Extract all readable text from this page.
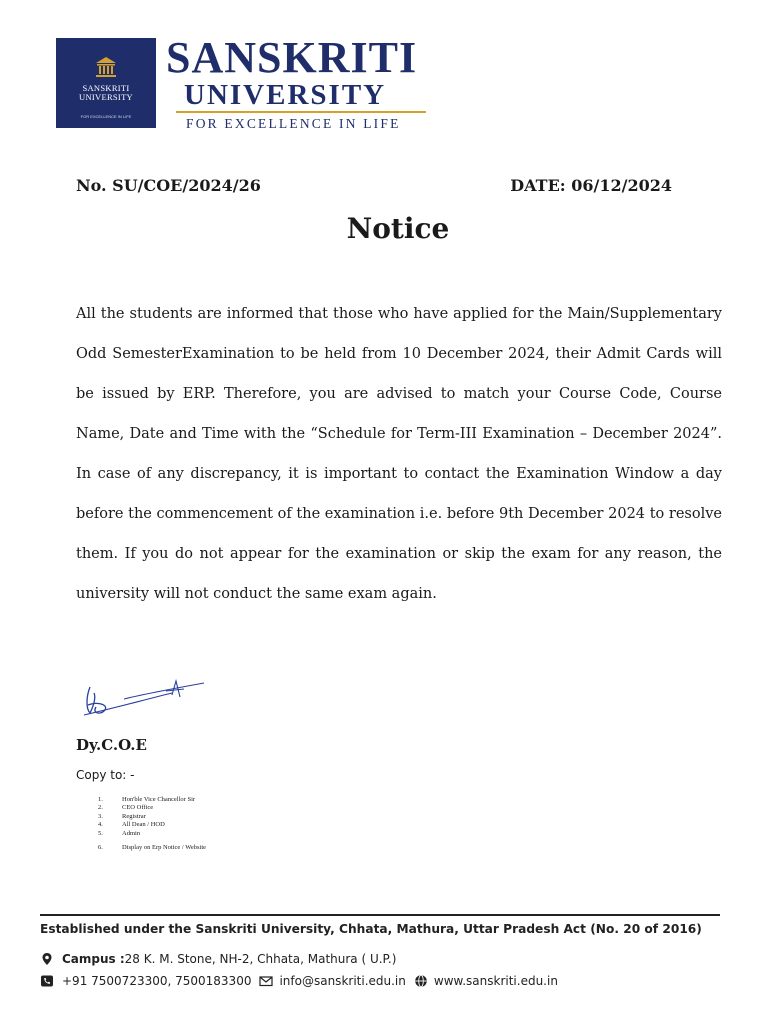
SANSKRITI UNIVERSITY
FOR EXCELLENCE IN LIFE
SANSKRITI
UNIVERSITY
FOR EXCELLENCE IN LIFE
No. SU/COE/2024/26	DATE: 06/12/2024
Notice

All the students are informed that those who have applied for the Main/Supplementary Odd SemesterExamination to be held from 10 December 2024, their Admit Cards will be issued by ERP. Therefore, you are advised to match your Course Code, Course Name, Date and Time with the “Schedule for Term-III Examination – December 2024”. In case of any discrepancy, it is important to contact the Examination Window a day before the commencement of the examination i.e. before 9th December 2024 to resolve them. If you do not appear for the examination or skip the exam for any reason, the university will not conduct the same exam again.

Dy.C.O.E
Copy to: -
1.	Hon'ble Vice Chancellor Sir
2.	CEO Office
3.	Registrar
4.	All Dean / HOD
5.	Admin
6.	Display on Erp Notice / Website
Established under the Sanskriti University, Chhata, Mathura, Uttar Pradesh Act (No. 20 of 2016)
Campus : 28 K. M. Stone, NH-2, Chhata, Mathura ( U.P.)
+91 7500723300, 7500183300 info@sanskriti.edu.in www.sanskriti.edu.in
